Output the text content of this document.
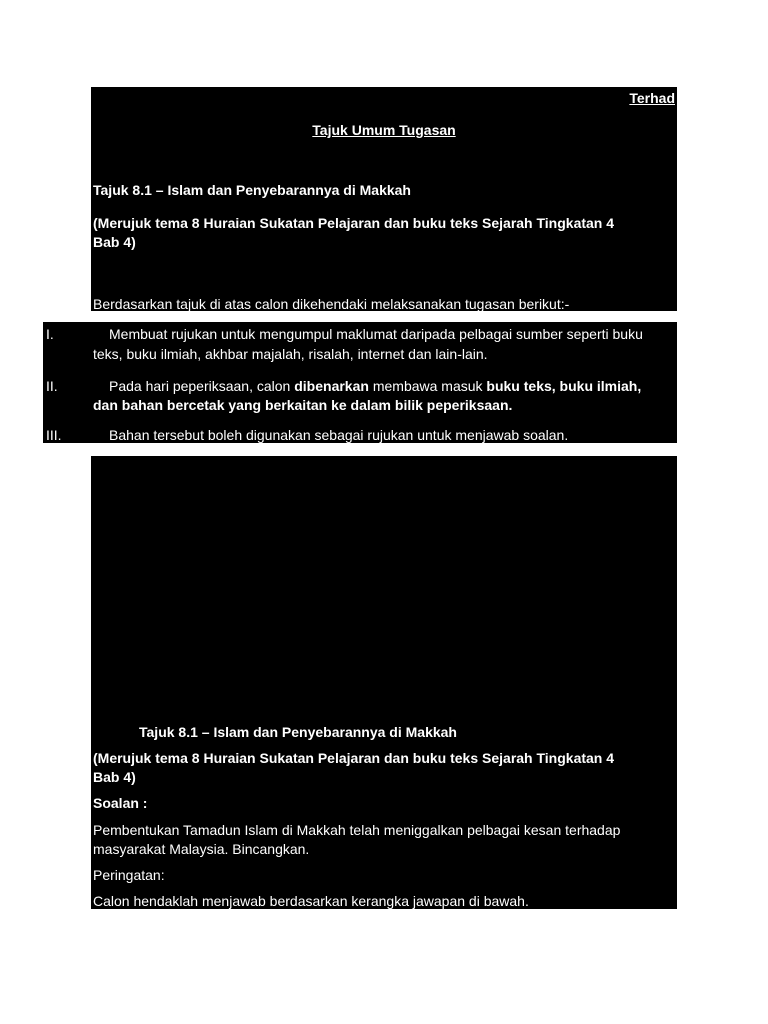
Terhad
Tajuk Umum Tugasan
Tajuk 8.1 – Islam dan Penyebarannya di Makkah
(Merujuk tema 8 Huraian Sukatan Pelajaran dan buku teks Sejarah Tingkatan 4
Bab 4)
Berdasarkan tajuk di atas calon dikehendaki melaksanakan tugasan berikut:-
I.	Membuat rujukan untuk mengumpul maklumat daripada pelbagai sumber seperti buku
teks, buku ilmiah, akhbar majalah, risalah, internet dan lain-lain.
II.	Pada hari peperiksaan, calon dibenarkan membawa masuk buku teks, buku ilmiah,
dan bahan bercetak yang berkaitan ke dalam bilik peperiksaan.
III.	Bahan tersebut boleh digunakan sebagai rujukan untuk menjawab soalan.
Tajuk 8.1 – Islam dan Penyebarannya di Makkah
(Merujuk tema 8 Huraian Sukatan Pelajaran dan buku teks Sejarah Tingkatan 4
Bab 4)
Soalan :
Pembentukan Tamadun Islam di Makkah telah meniggalkan pelbagai kesan terhadap
masyarakat Malaysia. Bincangkan.
Peringatan:
Calon hendaklah menjawab berdasarkan kerangka jawapan di bawah.
